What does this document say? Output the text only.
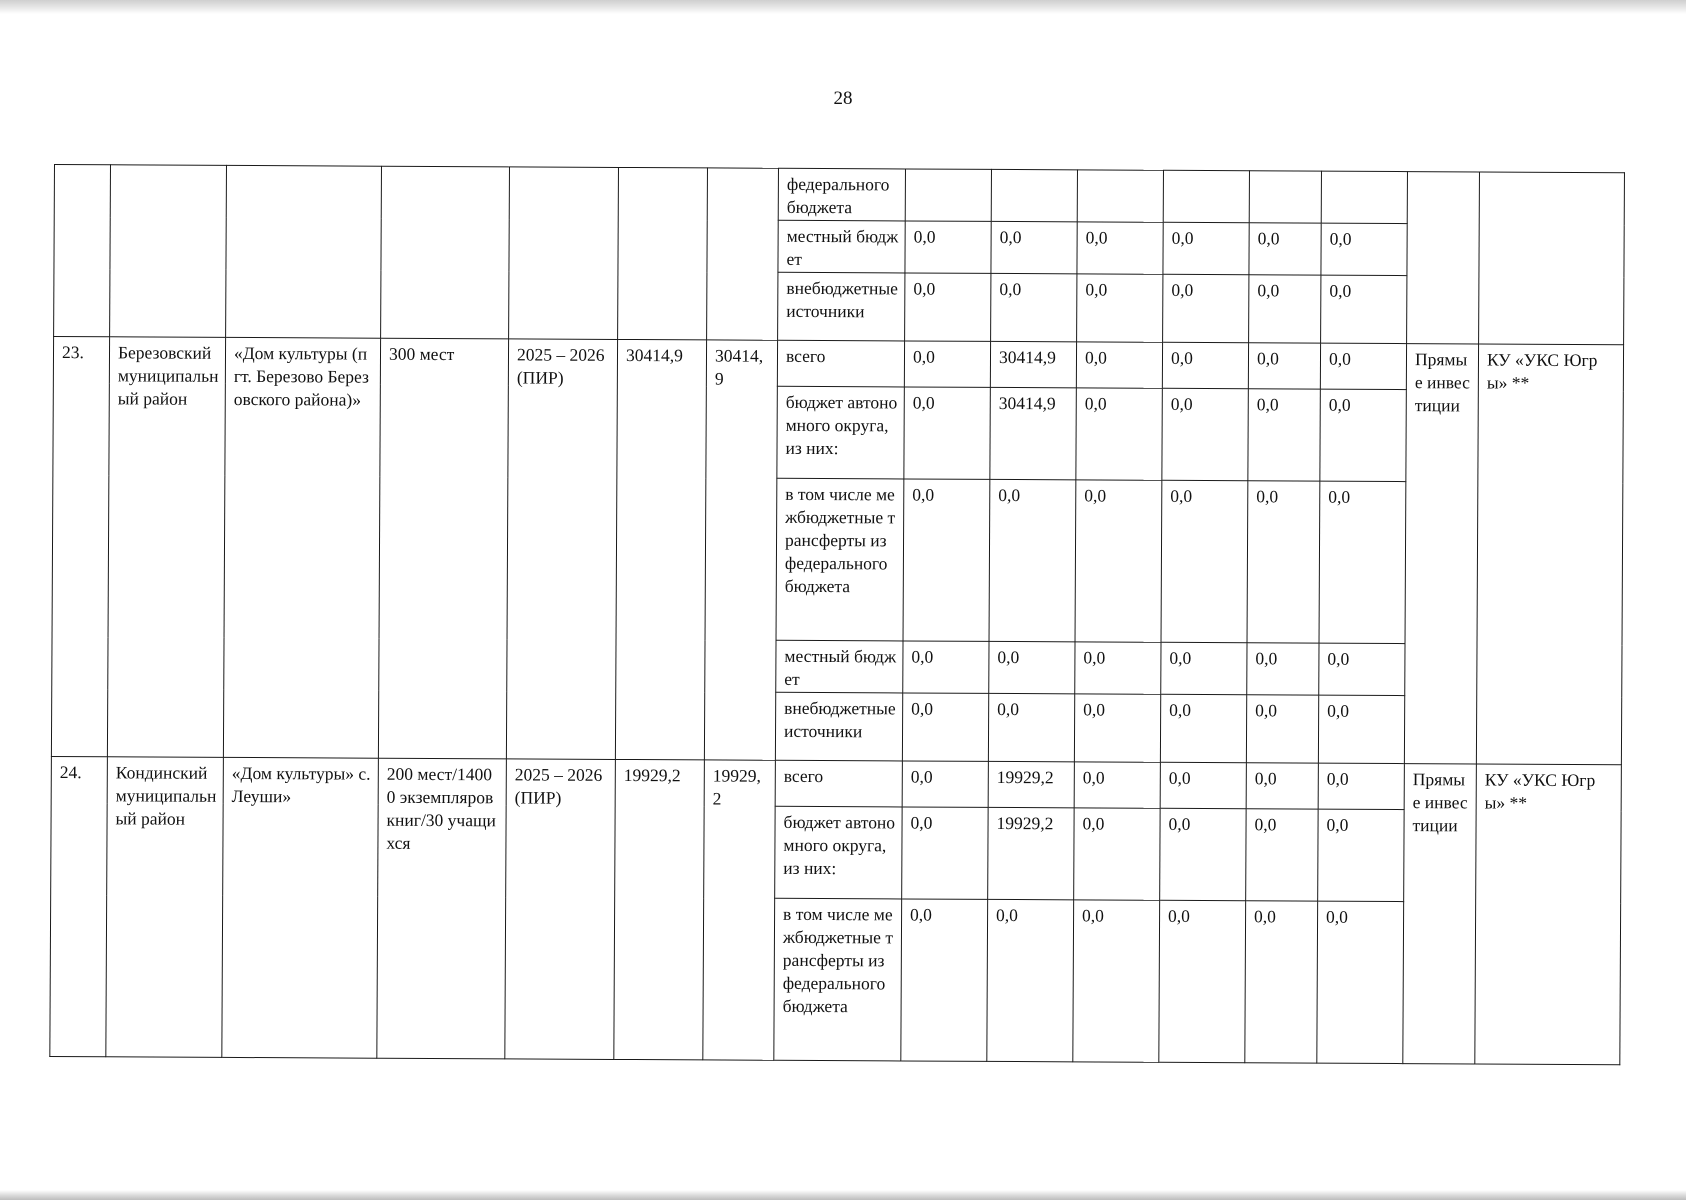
28
							федерального бюджета								
							местный бюджет	0,0	0,0	0,0	0,0	0,0	0,0		
							внебюджетные источники	0,0	0,0	0,0	0,0	0,0	0,0		
23.	Березовский муниципальный район	«Дом культуры (пгт. Березово Березовского района)»	300 мест	2025 – 2026 (ПИР)	30414,9	30414,9	всего	0,0	30414,9	0,0	0,0	0,0	0,0	Прямые инвестиции	КУ «УКС Югры» **
							бюджет автономного округа, из них:	0,0	30414,9	0,0	0,0	0,0	0,0		
							в том числе межбюджетные трансферты из федерального бюджета	0,0	0,0	0,0	0,0	0,0	0,0		
							местный бюджет	0,0	0,0	0,0	0,0	0,0	0,0		
							внебюджетные источники	0,0	0,0	0,0	0,0	0,0	0,0		
24.	Кондинский муниципальный район	«Дом культуры» с. Леуши»	200 мест/14000 экземпляров книг/30 учащихся	2025 – 2026 (ПИР)	19929,2	19929,2	всего	0,0	19929,2	0,0	0,0	0,0	0,0	Прямые инвестиции	КУ «УКС Югры» **
							бюджет автономного округа, из них:	0,0	19929,2	0,0	0,0	0,0	0,0		
							в том числе межбюджетные трансферты из федерального бюджета	0,0	0,0	0,0	0,0	0,0	0,0		
